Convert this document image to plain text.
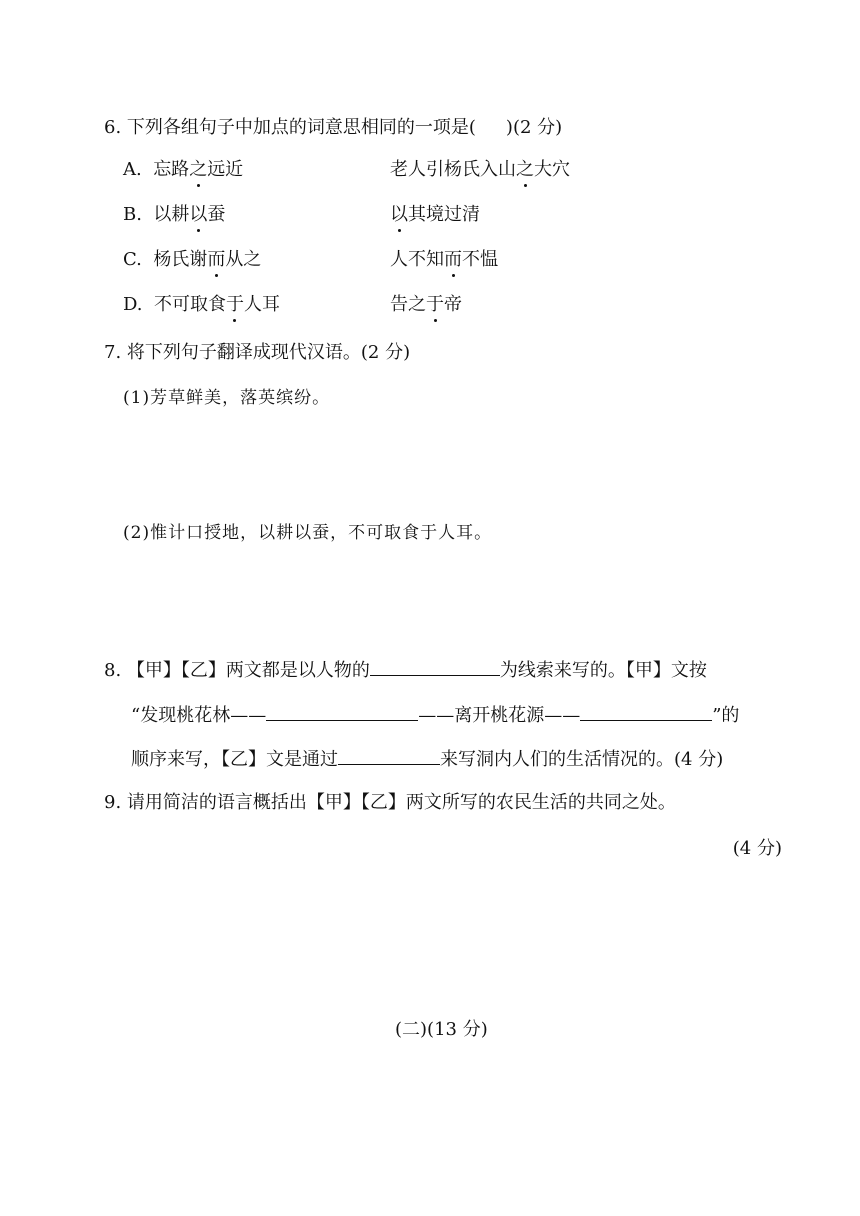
6. 下列各组句子中加点的词意思相同的一项是( )(2 分)
A. 忘路之远近	老人引杨氏入山之大穴
B. 以耕以蚕	以其境过清
C. 杨氏谢而从之	人不知而不愠
D. 不可取食于人耳	告之于帝
7. 将下列句子翻译成现代汉语。(2 分)
(1)芳草鲜美，落英缤纷。
(2)惟计口授地，以耕以蚕，不可取食于人耳。
8. 【甲】【乙】两文都是以人物的	为线索来写的。【甲】文按
“发现桃花林——	——离开桃花源——	”的
顺序来写，【乙】文是通过	来写洞内人们的生活情况的。(4 分)
9. 请用简洁的语言概括出【甲】【乙】两文所写的农民生活的共同之处。
(4 分)
(二)(13 分)
